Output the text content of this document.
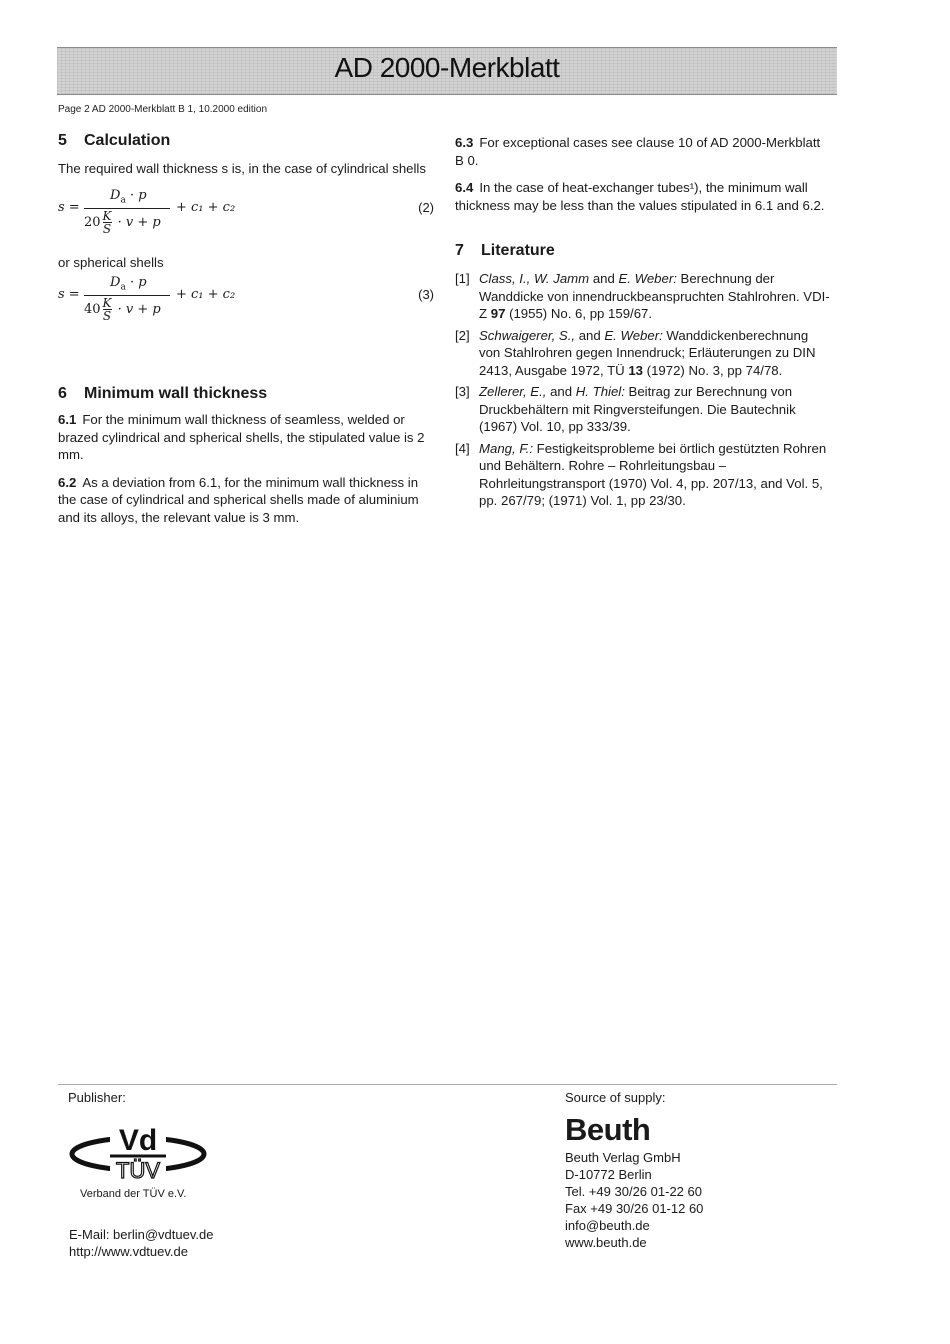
AD 2000-Merkblatt
Page 2 AD 2000-Merkblatt B 1, 10.2000 edition
5 Calculation

The required wall thickness s is, in the case of cylindrical shells

s =
$D_a \cdot p$
$20 \frac{K}{S} \cdot v + p$
+ c₁ + c₂	(2)

or spherical shells

s =
$D_a \cdot p$
$40 \frac{K}{S} \cdot v + p$
+ c₁ + c₂	(3)
6 Minimum wall thickness

6.1 For the minimum wall thickness of seamless, welded or brazed cylindrical and spherical shells, the stipulated value is 2 mm.

6.2 As a deviation from 6.1, for the minimum wall thickness in the case of cylindrical and spherical shells made of aluminium and its alloys, the relevant value is 3 mm.

6.3 For exceptional cases see clause 10 of AD 2000-Merkblatt B 0.

6.4 In the case of heat-exchanger tubes¹), the minimum wall thickness may be less than the values stipulated in 6.1 and 6.2.

7 Literature

[1] Class, I., W. Jamm and E. Weber: Berechnung der Wanddicke von innendruckbeanspruchten Stahlrohren. VDI-Z 97 (1955) No. 6, pp 159/67.

[2] Schwaigerer, S., and E. Weber: Wanddickenberechnung von Stahlrohren gegen Innendruck; Erläuterungen zu DIN 2413, Ausgabe 1972, TÜ 13 (1972) No. 3, pp 74/78.

[3] Zellerer, E., and H. Thiel: Beitrag zur Berechnung von Druckbehältern mit Ringversteifungen. Die Bautechnik (1967) Vol. 10, pp 333/39.

[4] Mang, F.: Festigkeitsprobleme bei örtlich gestützten Rohren und Behältern. Rohre – Rohrleitungsbau – Rohrleitungstransport (1970) Vol. 4, pp. 207/13, and Vol. 5, pp. 267/79; (1971) Vol. 1, pp 23/30.

Publisher:
Vd
TÜV
Verband der TÜV e.V.
E-Mail: berlin@vdtuev.de
http://www.vdtuev.de
Source of supply:
Beuth
Beuth Verlag GmbH
D-10772 Berlin
Tel. +49 30/26 01-22 60
Fax +49 30/26 01-12 60
info@beuth.de
www.beuth.de
